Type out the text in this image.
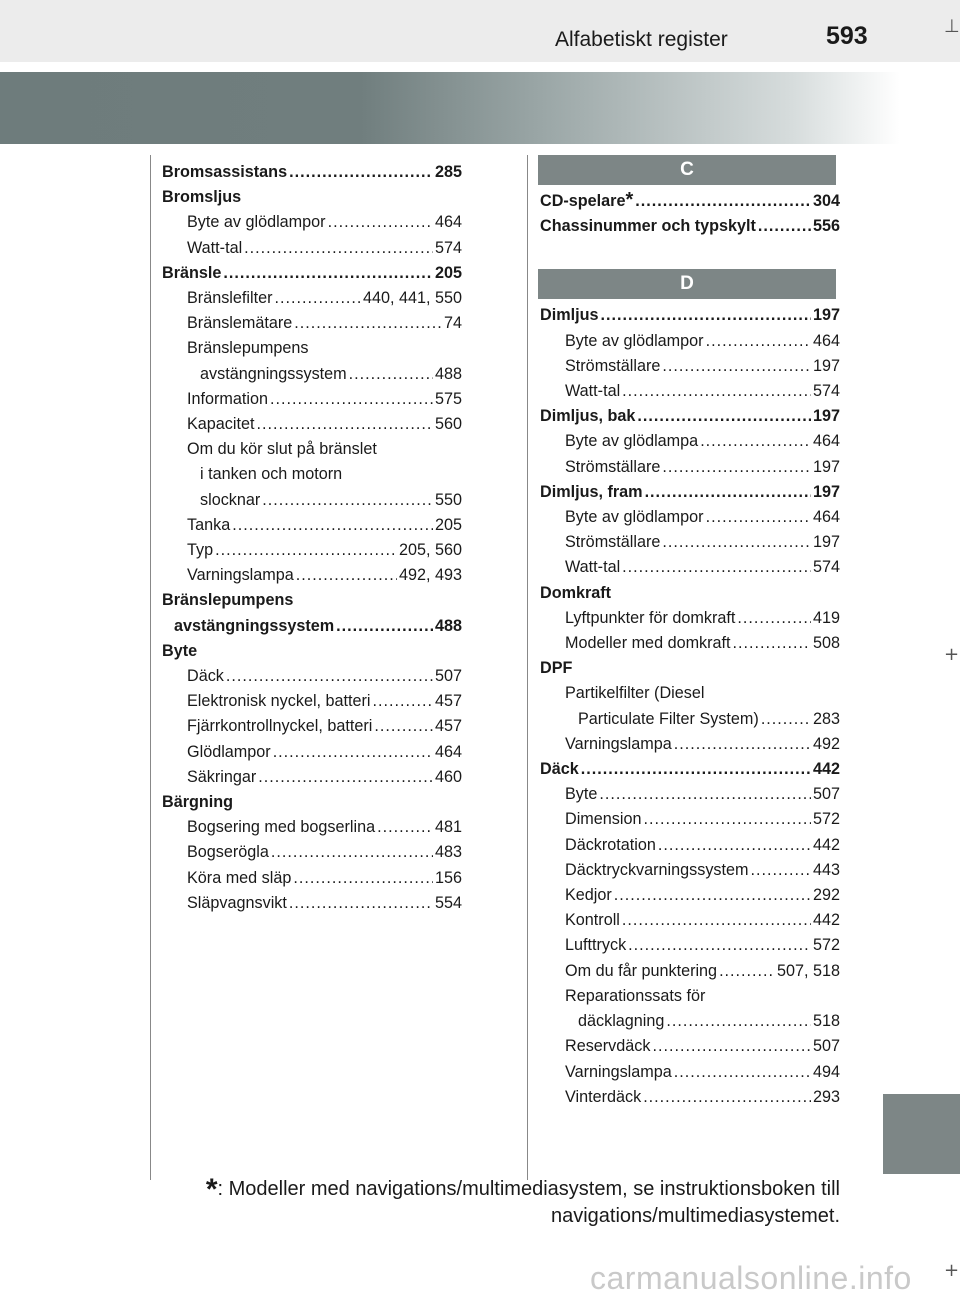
Alfabetiskt register	593	⊥
+
+
Bromsassistans .....	285
Bromsljus
Byte av glödlampor .....	464
Watt-tal .....	574
Bränsle .....	205
Bränslefilter .....	440, 441, 550
Bränslemätare .....	74
Bränslepumpens
avstängningssystem .....	488
Information .....	575
Kapacitet .....	560
Om du kör slut på bränslet
i tanken och motorn
slocknar .....	550
Tanka .....	205
Typ .....	205, 560
Varningslampa .....	492, 493
Bränslepumpens
avstängningssystem .....	488
Byte
Däck .....	507
Elektronisk nyckel, batteri .....	457
Fjärrkontrollnyckel, batteri .....	457
Glödlampor .....	464
Säkringar .....	460
Bärgning
Bogsering med bogserlina .....	481
Bogserögla .....	483
Köra med släp .....	156
Släpvagnsvikt .....	554
C
CD-spelare * .....	304
Chassinummer och typskylt .....	556
D
Dimljus .....	197
Byte av glödlampor .....	464
Strömställare .....	197
Watt-tal .....	574
Dimljus, bak .....	197
Byte av glödlampa .....	464
Strömställare .....	197
Dimljus, fram .....	197
Byte av glödlampor .....	464
Strömställare .....	197
Watt-tal .....	574
Domkraft
Lyftpunkter för domkraft .....	419
Modeller med domkraft .....	508
DPF
Partikelfilter (Diesel
Particulate Filter System) .....	283
Varningslampa .....	492
Däck .....	442
Byte .....	507
Dimension .....	572
Däckrotation .....	442
Däcktryckvarningssystem .....	443
Kedjor .....	292
Kontroll .....	442
Lufttryck .....	572
Om du får punktering .....	507, 518
Reparationssats för
däcklagning .....	518
Reservdäck .....	507
Varningslampa .....	494
Vinterdäck .....	293
*: Modeller med navigations/multimediasystem, se instruktionsboken till
navigations/multimediasystemet.
carmanualsonline.info
